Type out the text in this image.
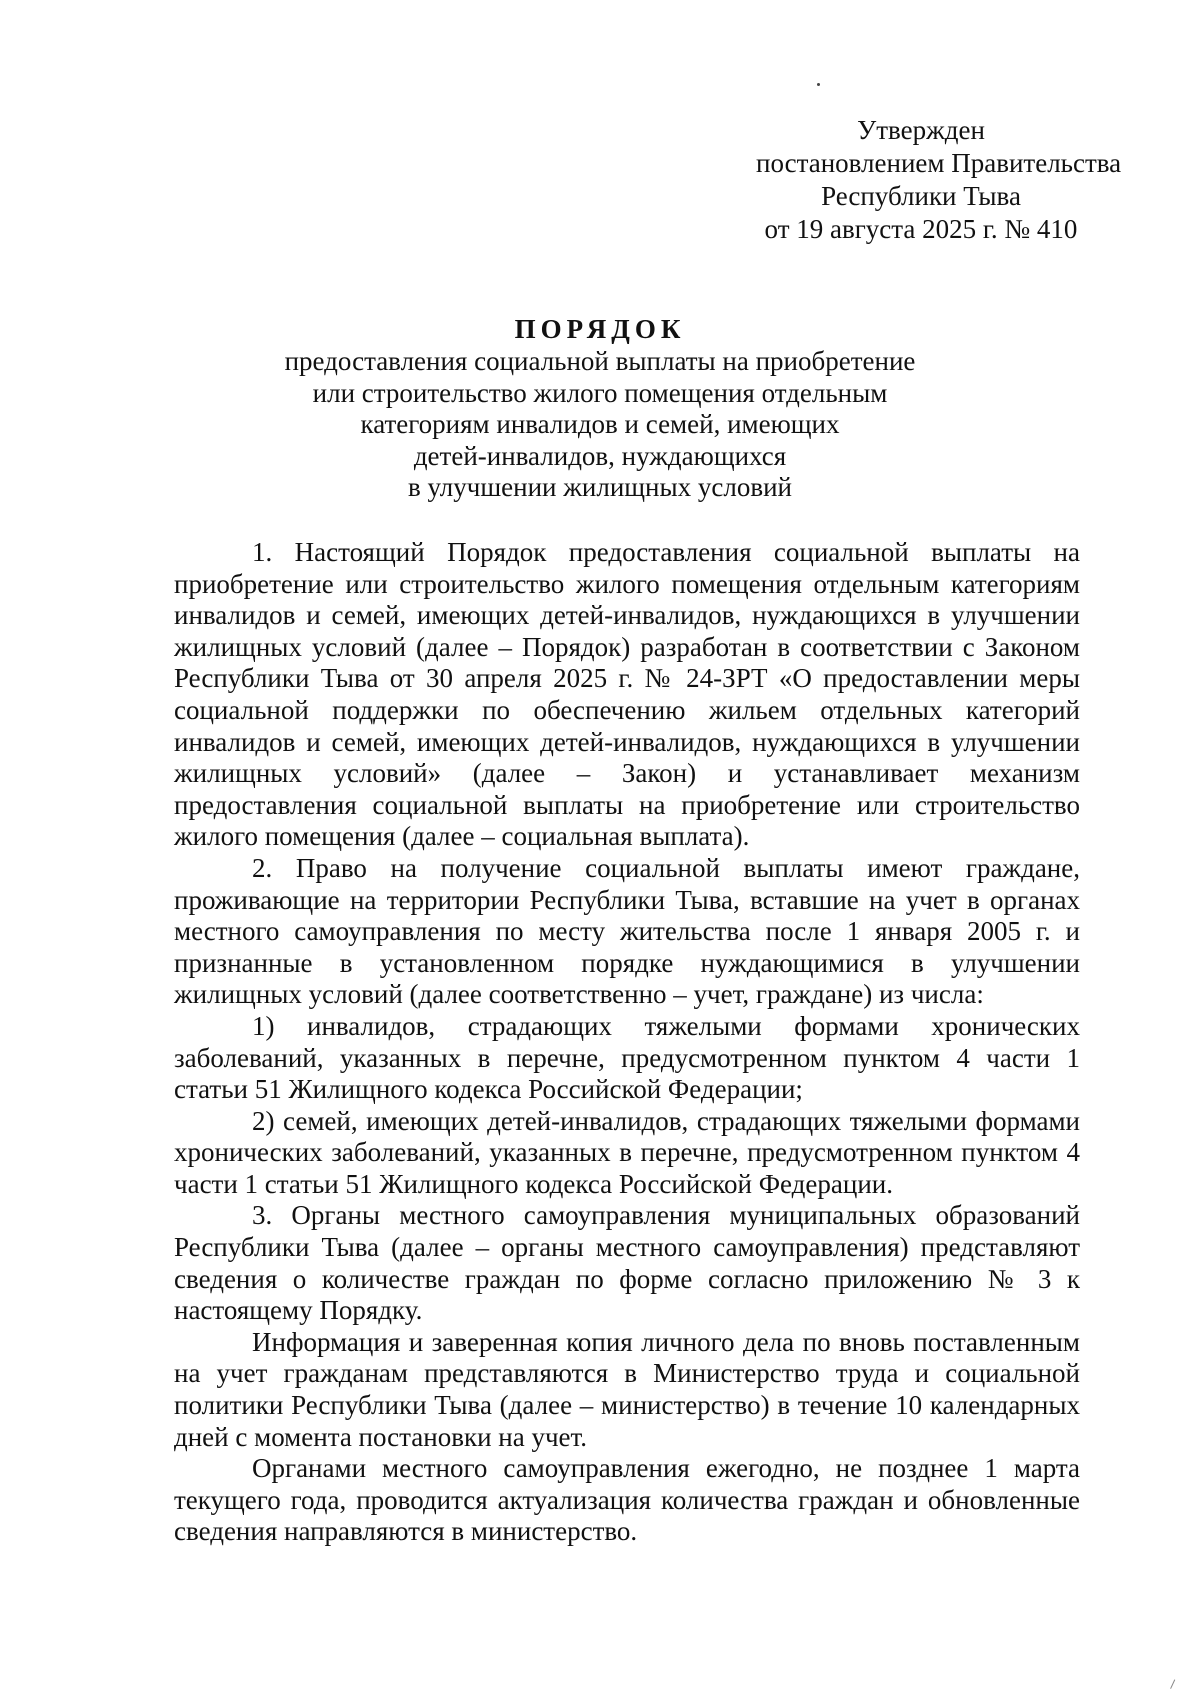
Утвержден
постановлением Правительства
Республики Тыва
от 19 августа 2025 г. № 410
ПОРЯДОК
предоставления социальной выплаты на приобретение
или строительство жилого помещения отдельным
категориям инвалидов и семей, имеющих
детей-инвалидов, нуждающихся
в улучшении жилищных условий

1. Настоящий Порядок предоставления социальной выплаты на приобретение или строительство жилого помещения отдельным категориям инвалидов и семей, имеющих детей-инвалидов, нуждающихся в улучшении жилищных условий (далее – Порядок) разработан в соответствии с Законом Республики Тыва от 30 апреля 2025 г. № 24-ЗРТ «О предоставлении меры социальной поддержки по обеспечению жильем отдельных категорий инвалидов и семей, имеющих детей-инвалидов, нуждающихся в улучшении жилищных условий» (далее – Закон) и устанавливает механизм предоставления социальной выплаты на приобретение или строительство жилого помещения (далее – социальная выплата).

2. Право на получение социальной выплаты имеют граждане, проживающие на территории Республики Тыва, вставшие на учет в органах местного самоуправления по месту жительства после 1 января 2005 г. и признанные в установленном порядке нуждающимися в улучшении жилищных условий (далее соответственно – учет, граждане) из числа:

1) инвалидов, страдающих тяжелыми формами хронических заболеваний, указанных в перечне, предусмотренном пунктом 4 части 1 статьи 51 Жилищного кодекса Российской Федерации;

2) семей, имеющих детей-инвалидов, страдающих тяжелыми формами хронических заболеваний, указанных в перечне, предусмотренном пунктом 4 части 1 статьи 51 Жилищного кодекса Российской Федерации.

3. Органы местного самоуправления муниципальных образований Республики Тыва (далее – органы местного самоуправления) представляют сведения о количестве граждан по форме согласно приложению № 3 к настоящему Порядку.

Информация и заверенная копия личного дела по вновь поставленным на учет гражданам представляются в Министерство труда и социальной политики Республики Тыва (далее – министерство) в течение 10 календарных дней с момента постановки на учет.

Органами местного самоуправления ежегодно, не позднее 1 марта текущего года, проводится актуализация количества граждан и обновленные сведения направляются в министерство.
